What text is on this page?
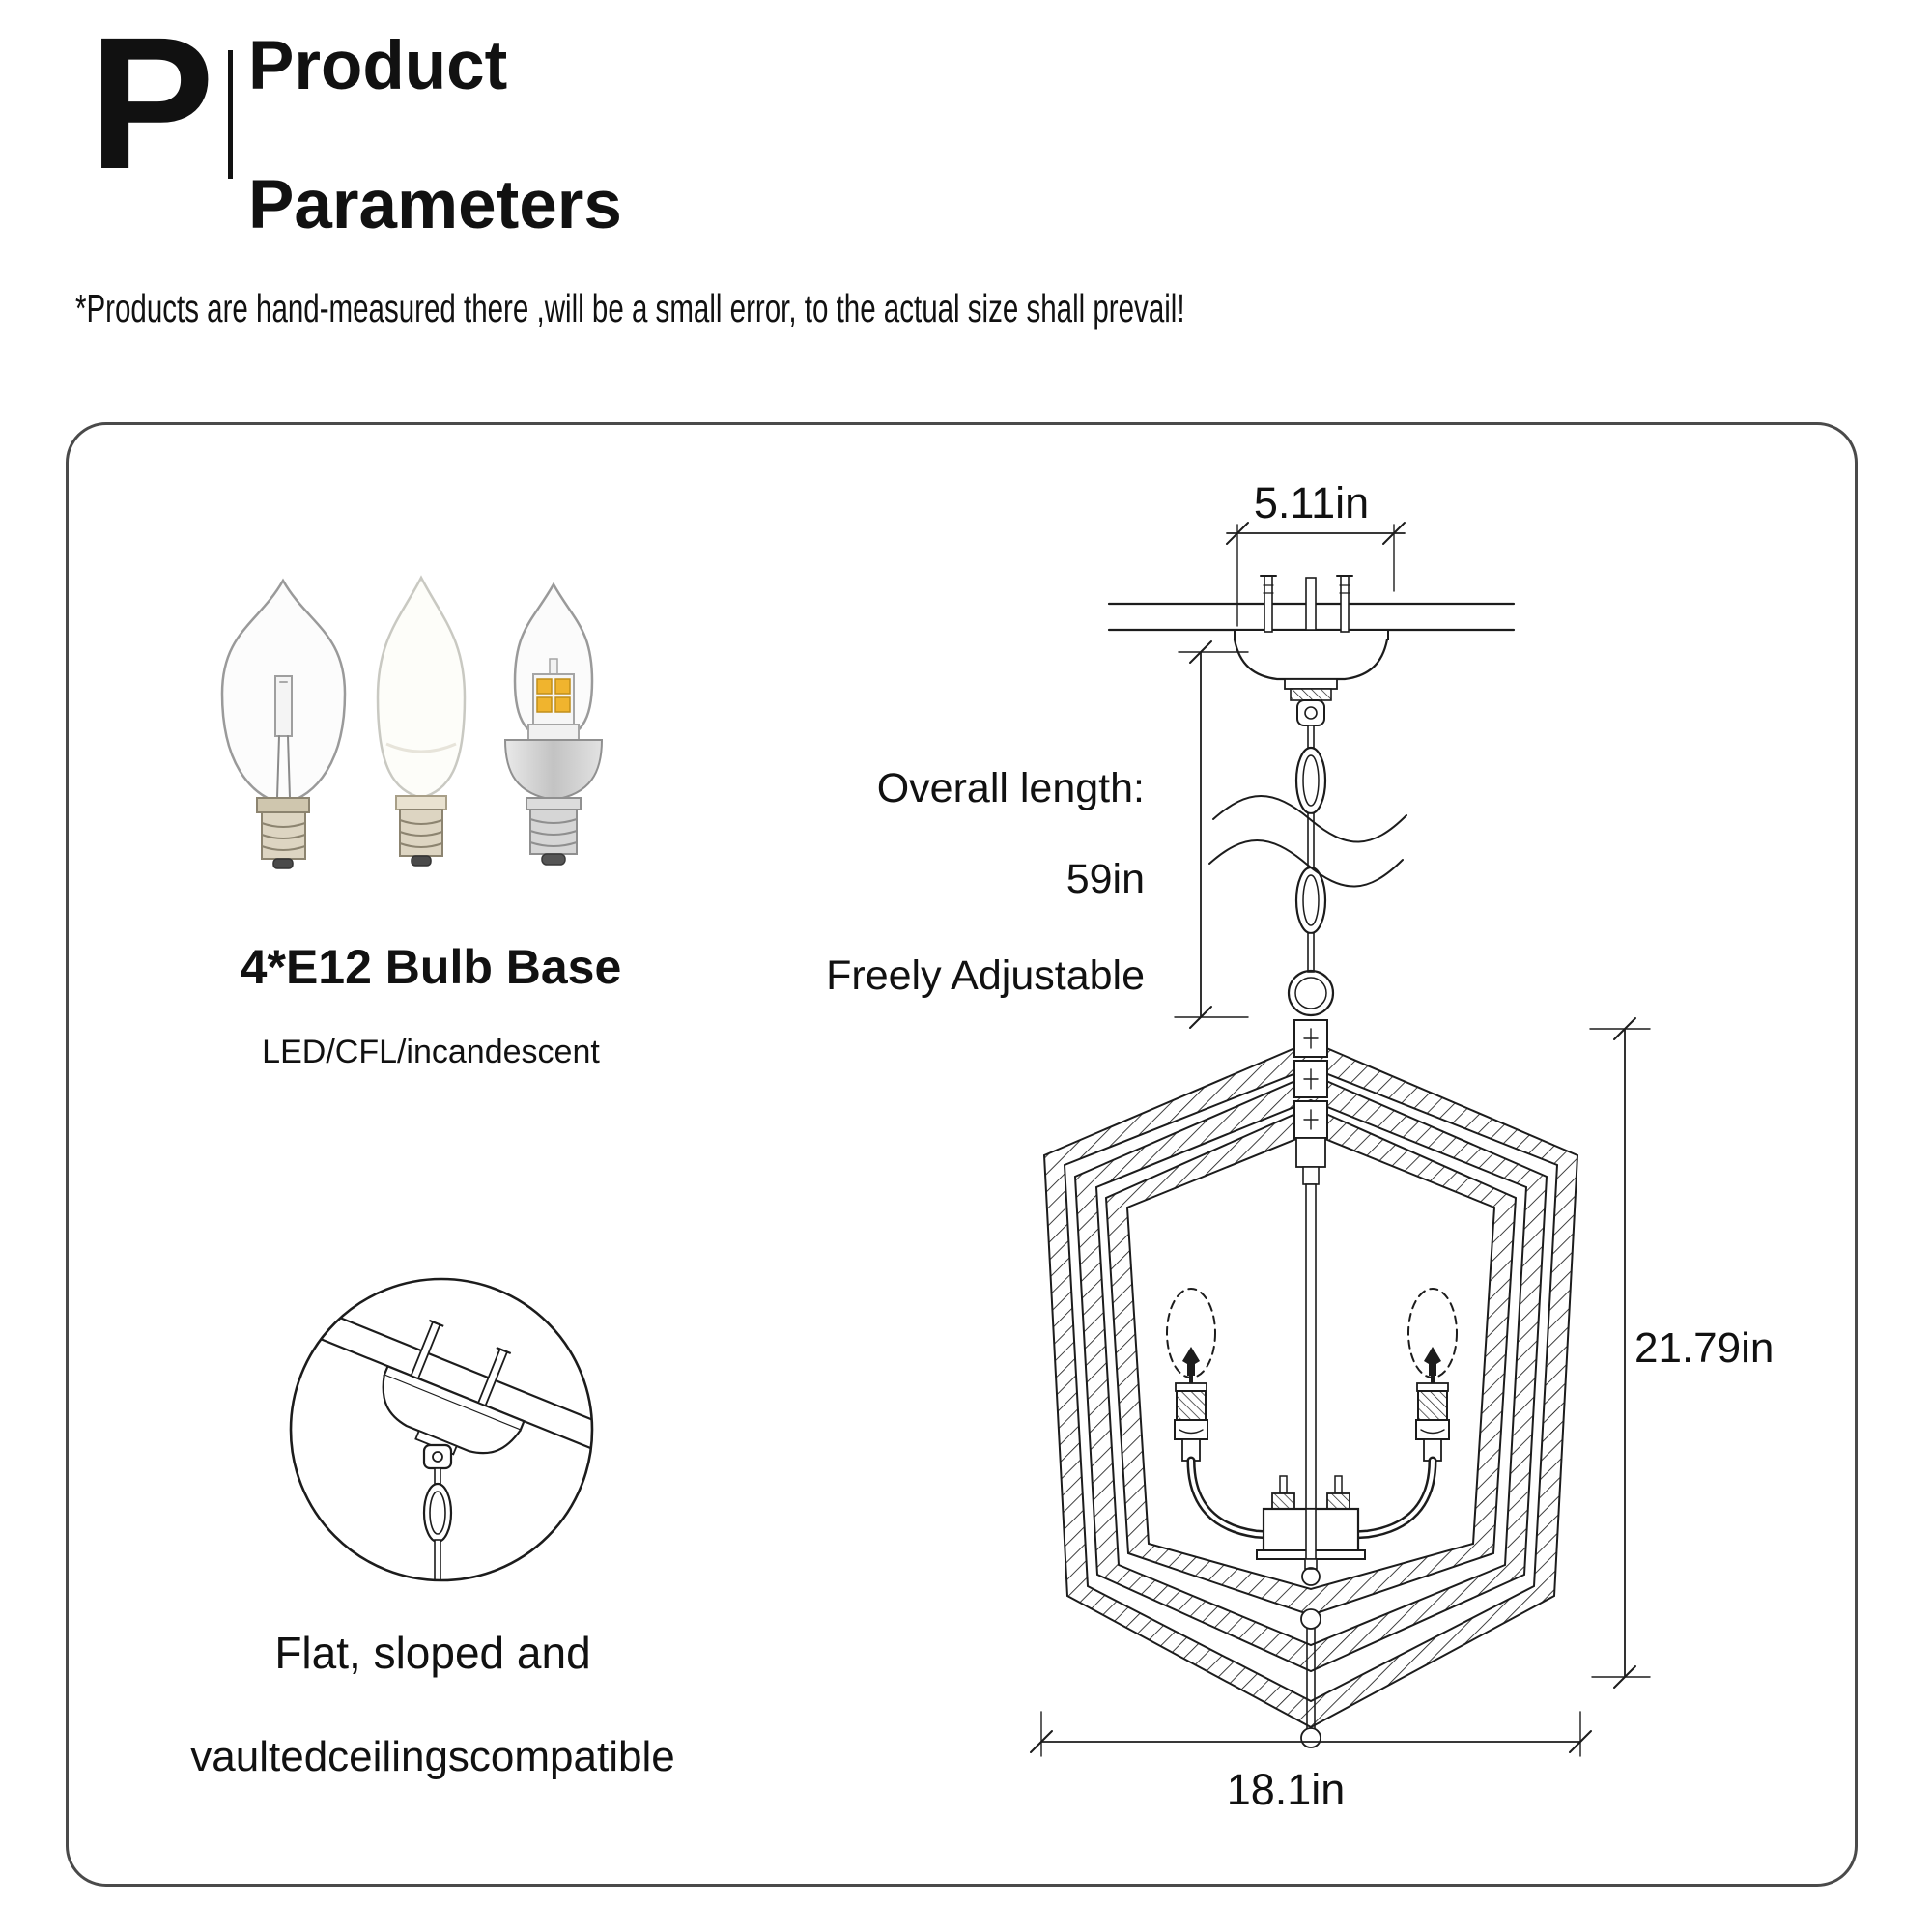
P Product

Parameters
*Products are hand-measured there ,will be a small error, to the actual size shall prevail!
4*E12 Bulb Base
LED/CFL/incandescent
Flat, sloped and
vaultedceilingscompatible
5.11in
Overall length:
59in
Freely Adjustable
21.79in
18.1in
